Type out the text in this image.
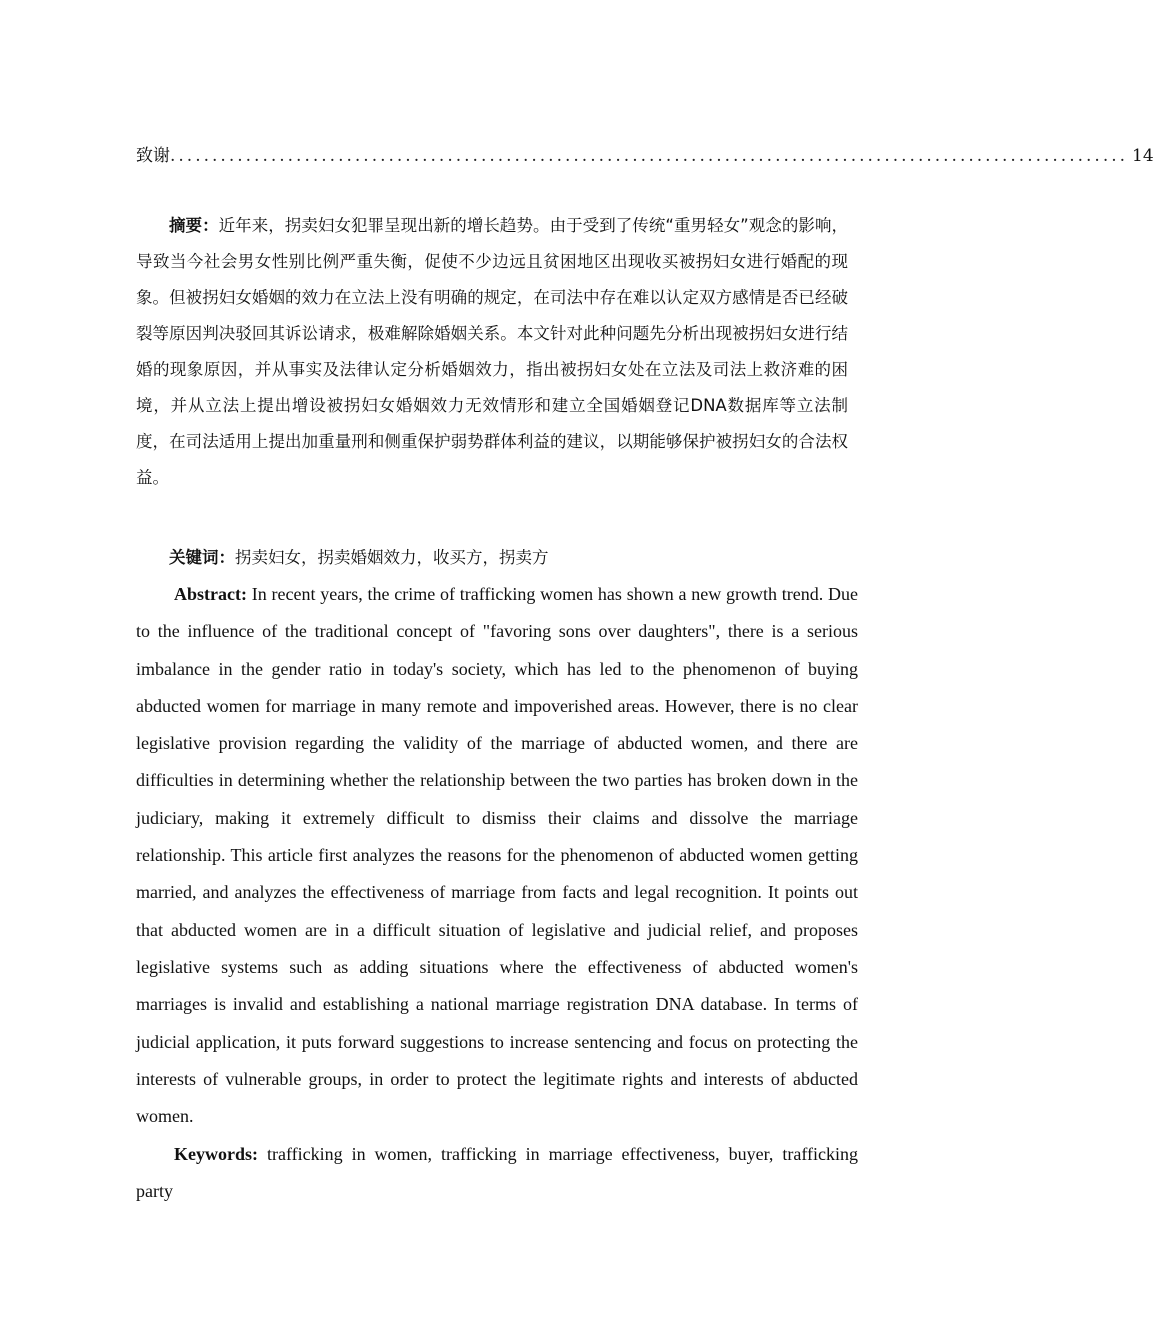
致谢 .................................................................................................................. 14

摘要：近年来，拐卖妇女犯罪呈现出新的增长趋势。由于受到了传统“重男轻女”观念的影响，导致当今社会男女性别比例严重失衡，促使不少边远且贫困地区出现收买被拐妇女进行婚配的现象。但被拐妇女婚姻的效力在立法上没有明确的规定，在司法中存在难以认定双方感情是否已经破裂等原因判决驳回其诉讼请求，极难解除婚姻关系。本文针对此种问题先分析出现被拐妇女进行结婚的现象原因，并从事实及法律认定分析婚姻效力，指出被拐妇女处在立法及司法上救济难的困境，并从立法上提出增设被拐妇女婚姻效力无效情形和建立全国婚姻登记DNA数据库等立法制度，在司法适用上提出加重量刑和侧重保护弱势群体利益的建议，以期能够保护被拐妇女的合法权益。

关键词：拐卖妇女，拐卖婚姻效力，收买方，拐卖方

Abstract: In recent years, the crime of trafficking women has shown a new growth trend. Due to the influence of the traditional concept of "favoring sons over daughters", there is a serious imbalance in the gender ratio in today's society, which has led to the phenomenon of buying abducted women for marriage in many remote and impoverished areas. However, there is no clear legislative provision regarding the validity of the marriage of abducted women, and there are difficulties in determining whether the relationship between the two parties has broken down in the judiciary, making it extremely difficult to dismiss their claims and dissolve the marriage relationship. This article first analyzes the reasons for the phenomenon of abducted women getting married, and analyzes the effectiveness of marriage from facts and legal recognition. It points out that abducted women are in a difficult situation of legislative and judicial relief, and proposes legislative systems such as adding situations where the effectiveness of abducted women's marriages is invalid and establishing a national marriage registration DNA database. In terms of judicial application, it puts forward suggestions to increase sentencing and focus on protecting the interests of vulnerable groups, in order to protect the legitimate rights and interests of abducted women.

Keywords: trafficking in women, trafficking in marriage effectiveness, buyer, trafficking party
